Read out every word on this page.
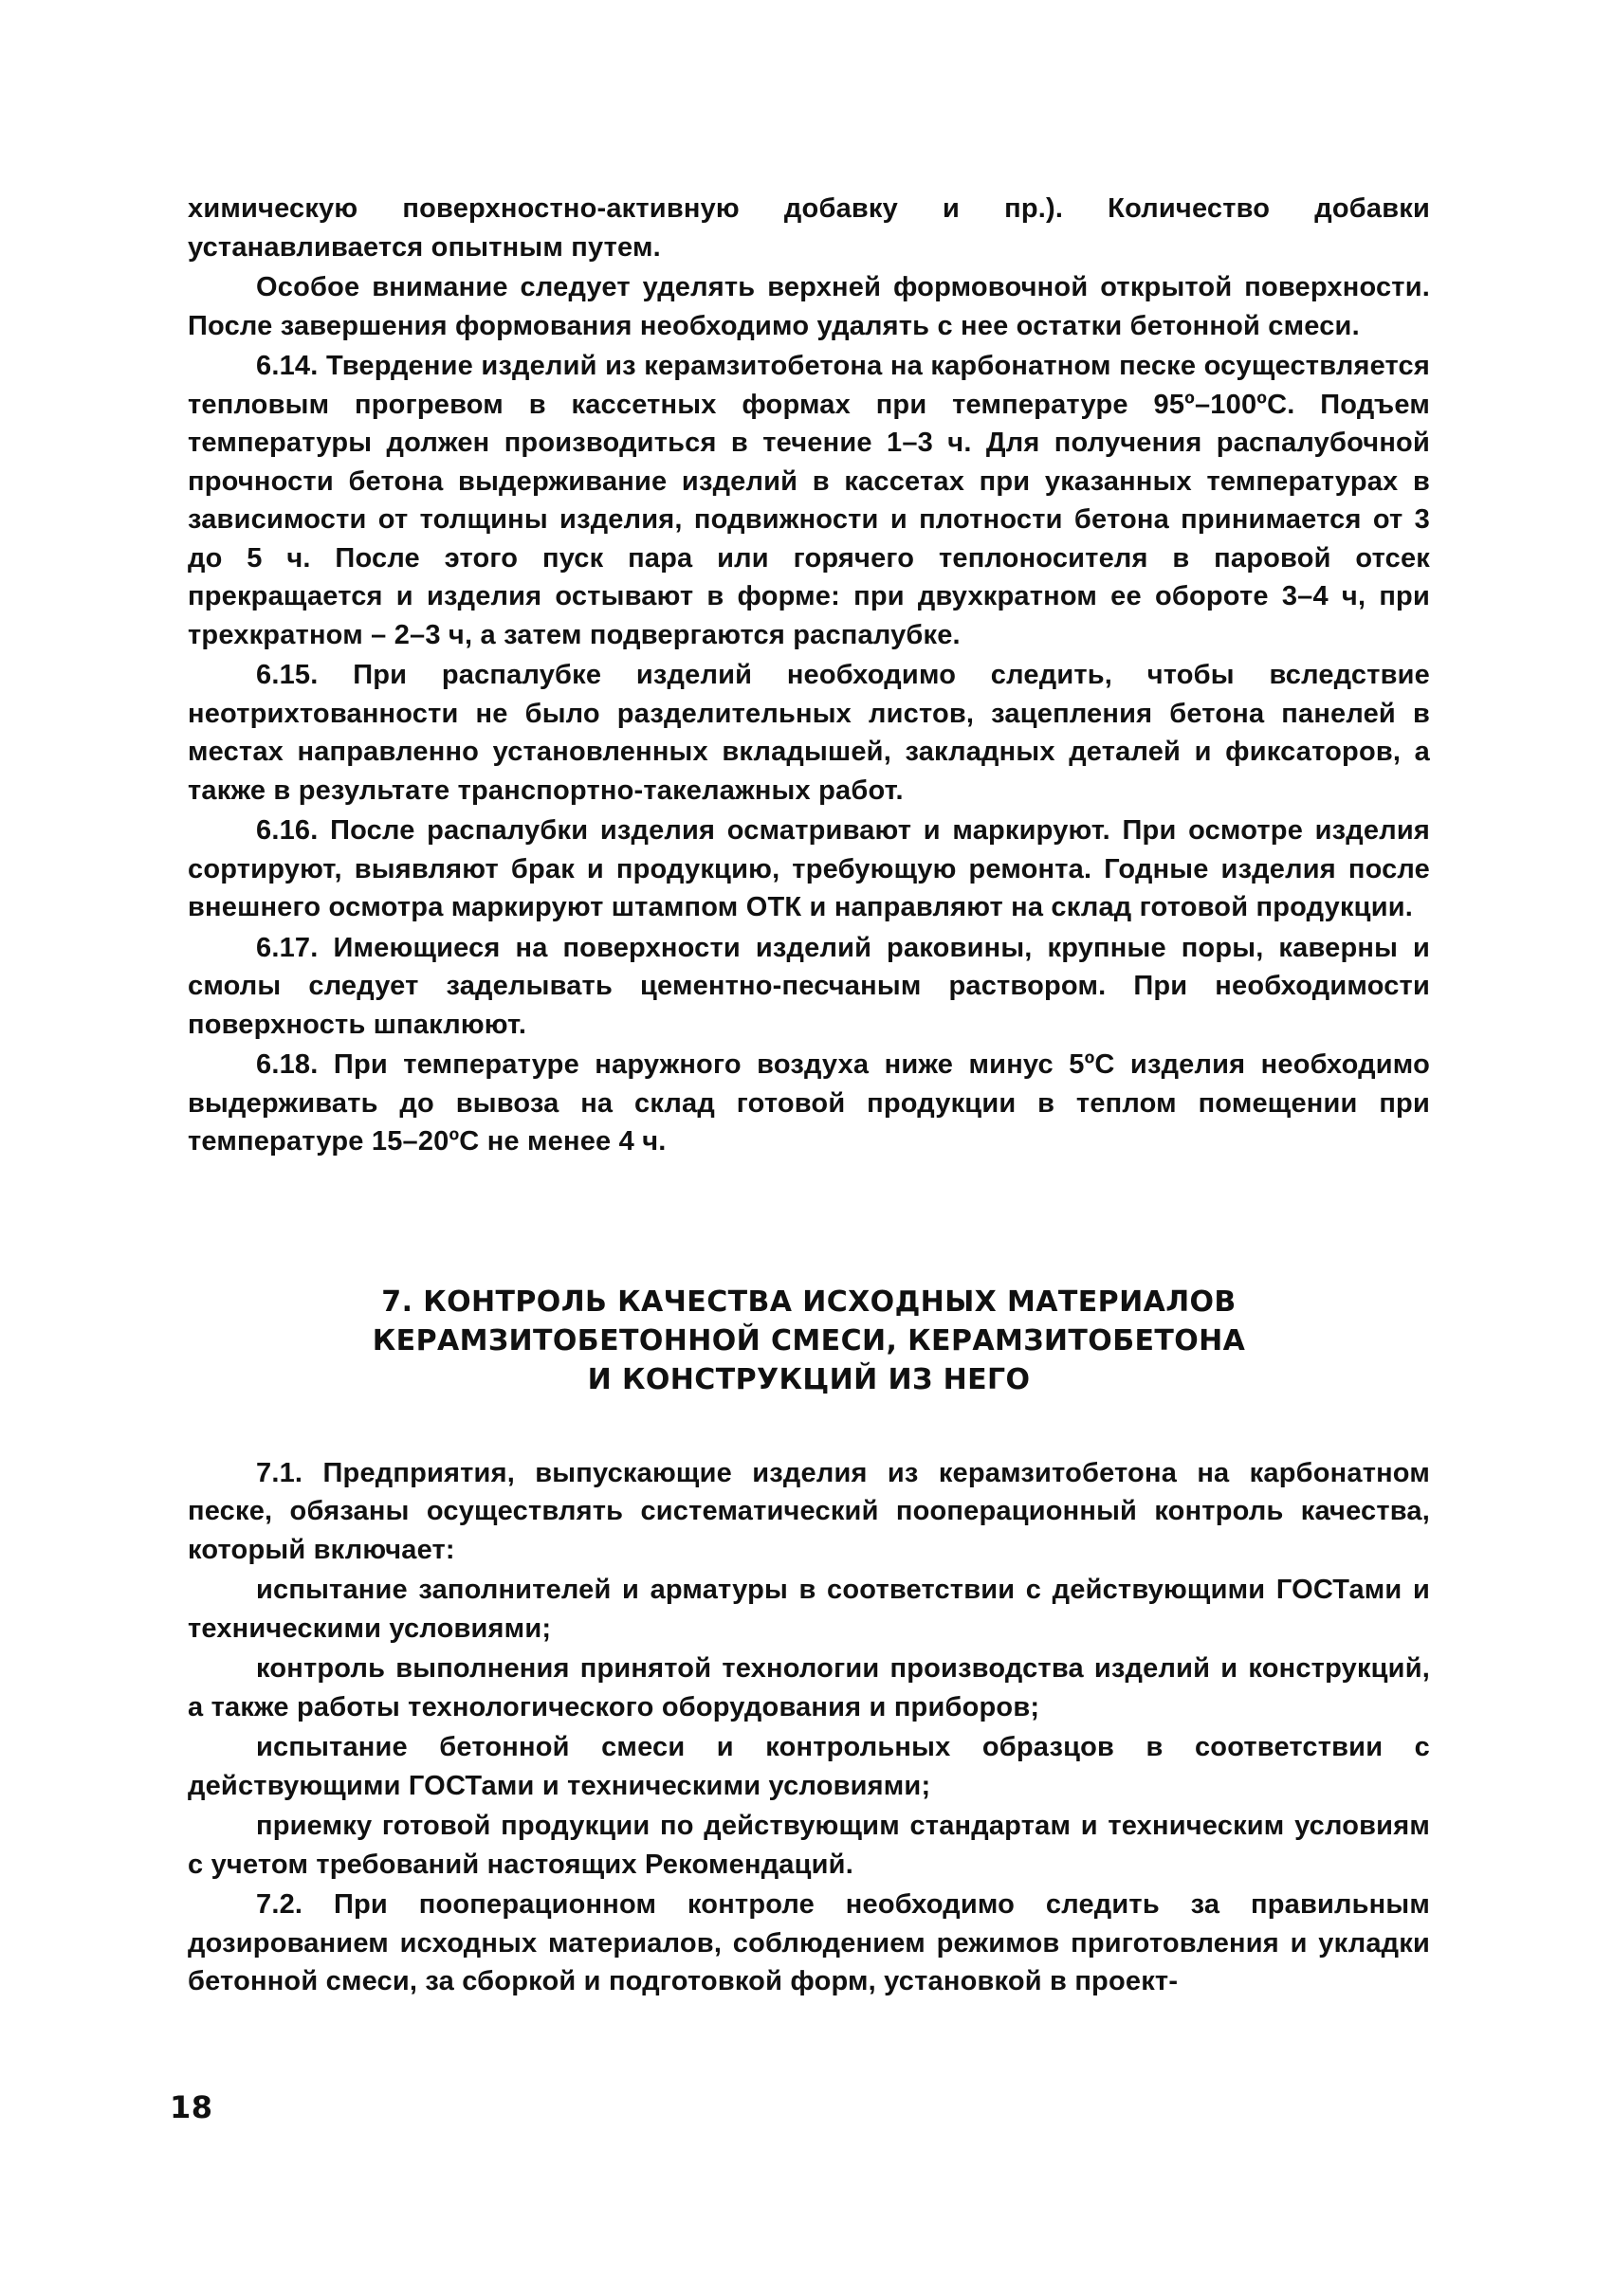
химическую поверхностно-активную добавку и пр.). Количество добавки устанавливается опытным путем.

Особое внимание следует уделять верхней формовочной открытой поверхности. После завершения формования необходимо удалять с нее остатки бетонной смеси.

6.14. Твердение изделий из керамзитобетона на карбонатном песке осуществляется тепловым прогревом в кассетных формах при температуре 95º–100ºС. Подъем температуры должен производиться в течение 1–3 ч. Для получения распалубочной прочности бетона выдерживание изделий в кассетах при указанных температурах в зависимости от толщины изделия, подвижности и плотности бетона принимается от 3 до 5 ч. После этого пуск пара или горячего теплоносителя в паровой отсек прекращается и изделия остывают в форме: при двухкратном ее обороте 3–4 ч, при трехкратном – 2–3 ч, а затем подвергаются распалубке.

6.15. При распалубке изделий необходимо следить, чтобы вследствие неотрихтованности не было разделительных листов, зацепления бетона панелей в местах направленно установленных вкладышей, закладных деталей и фиксаторов, а также в результате транспортно-такелажных работ.

6.16. После распалубки изделия осматривают и маркируют. При осмотре изделия сортируют, выявляют брак и продукцию, требующую ремонта. Годные изделия после внешнего осмотра маркируют штампом ОТК и направляют на склад готовой продукции.

6.17. Имеющиеся на поверхности изделий раковины, крупные поры, каверны и смолы следует заделывать цементно-песчаным раствором. При необходимости поверхность шпаклюют.

6.18. При температуре наружного воздуха ниже минус 5ºС изделия необходимо выдерживать до вывоза на склад готовой продукции в теплом помещении при температуре 15–20ºС не менее 4 ч.

7. КОНТРОЛЬ КАЧЕСТВА ИСХОДНЫХ МАТЕРИАЛОВ
КЕРАМЗИТОБЕТОННОЙ СМЕСИ, КЕРАМЗИТОБЕТОНА
И КОНСТРУКЦИЙ ИЗ НЕГО

7.1. Предприятия, выпускающие изделия из керамзитобетона на карбонатном песке, обязаны осуществлять систематический пооперационный контроль качества, который включает:

испытание заполнителей и арматуры в соответствии с действующими ГОСТами и техническими условиями;

контроль выполнения принятой технологии производства изделий и конструкций, а также работы технологического оборудования и приборов;

испытание бетонной смеси и контрольных образцов в соответствии с действующими ГОСТами и техническими условиями;

приемку готовой продукции по действующим стандартам и техническим условиям с учетом требований настоящих Рекомендаций.

7.2. При пооперационном контроле необходимо следить за правильным дозированием исходных материалов, соблюдением режимов приготовления и укладки бетонной смеси, за сборкой и подготовкой форм, установкой в проект-

18
